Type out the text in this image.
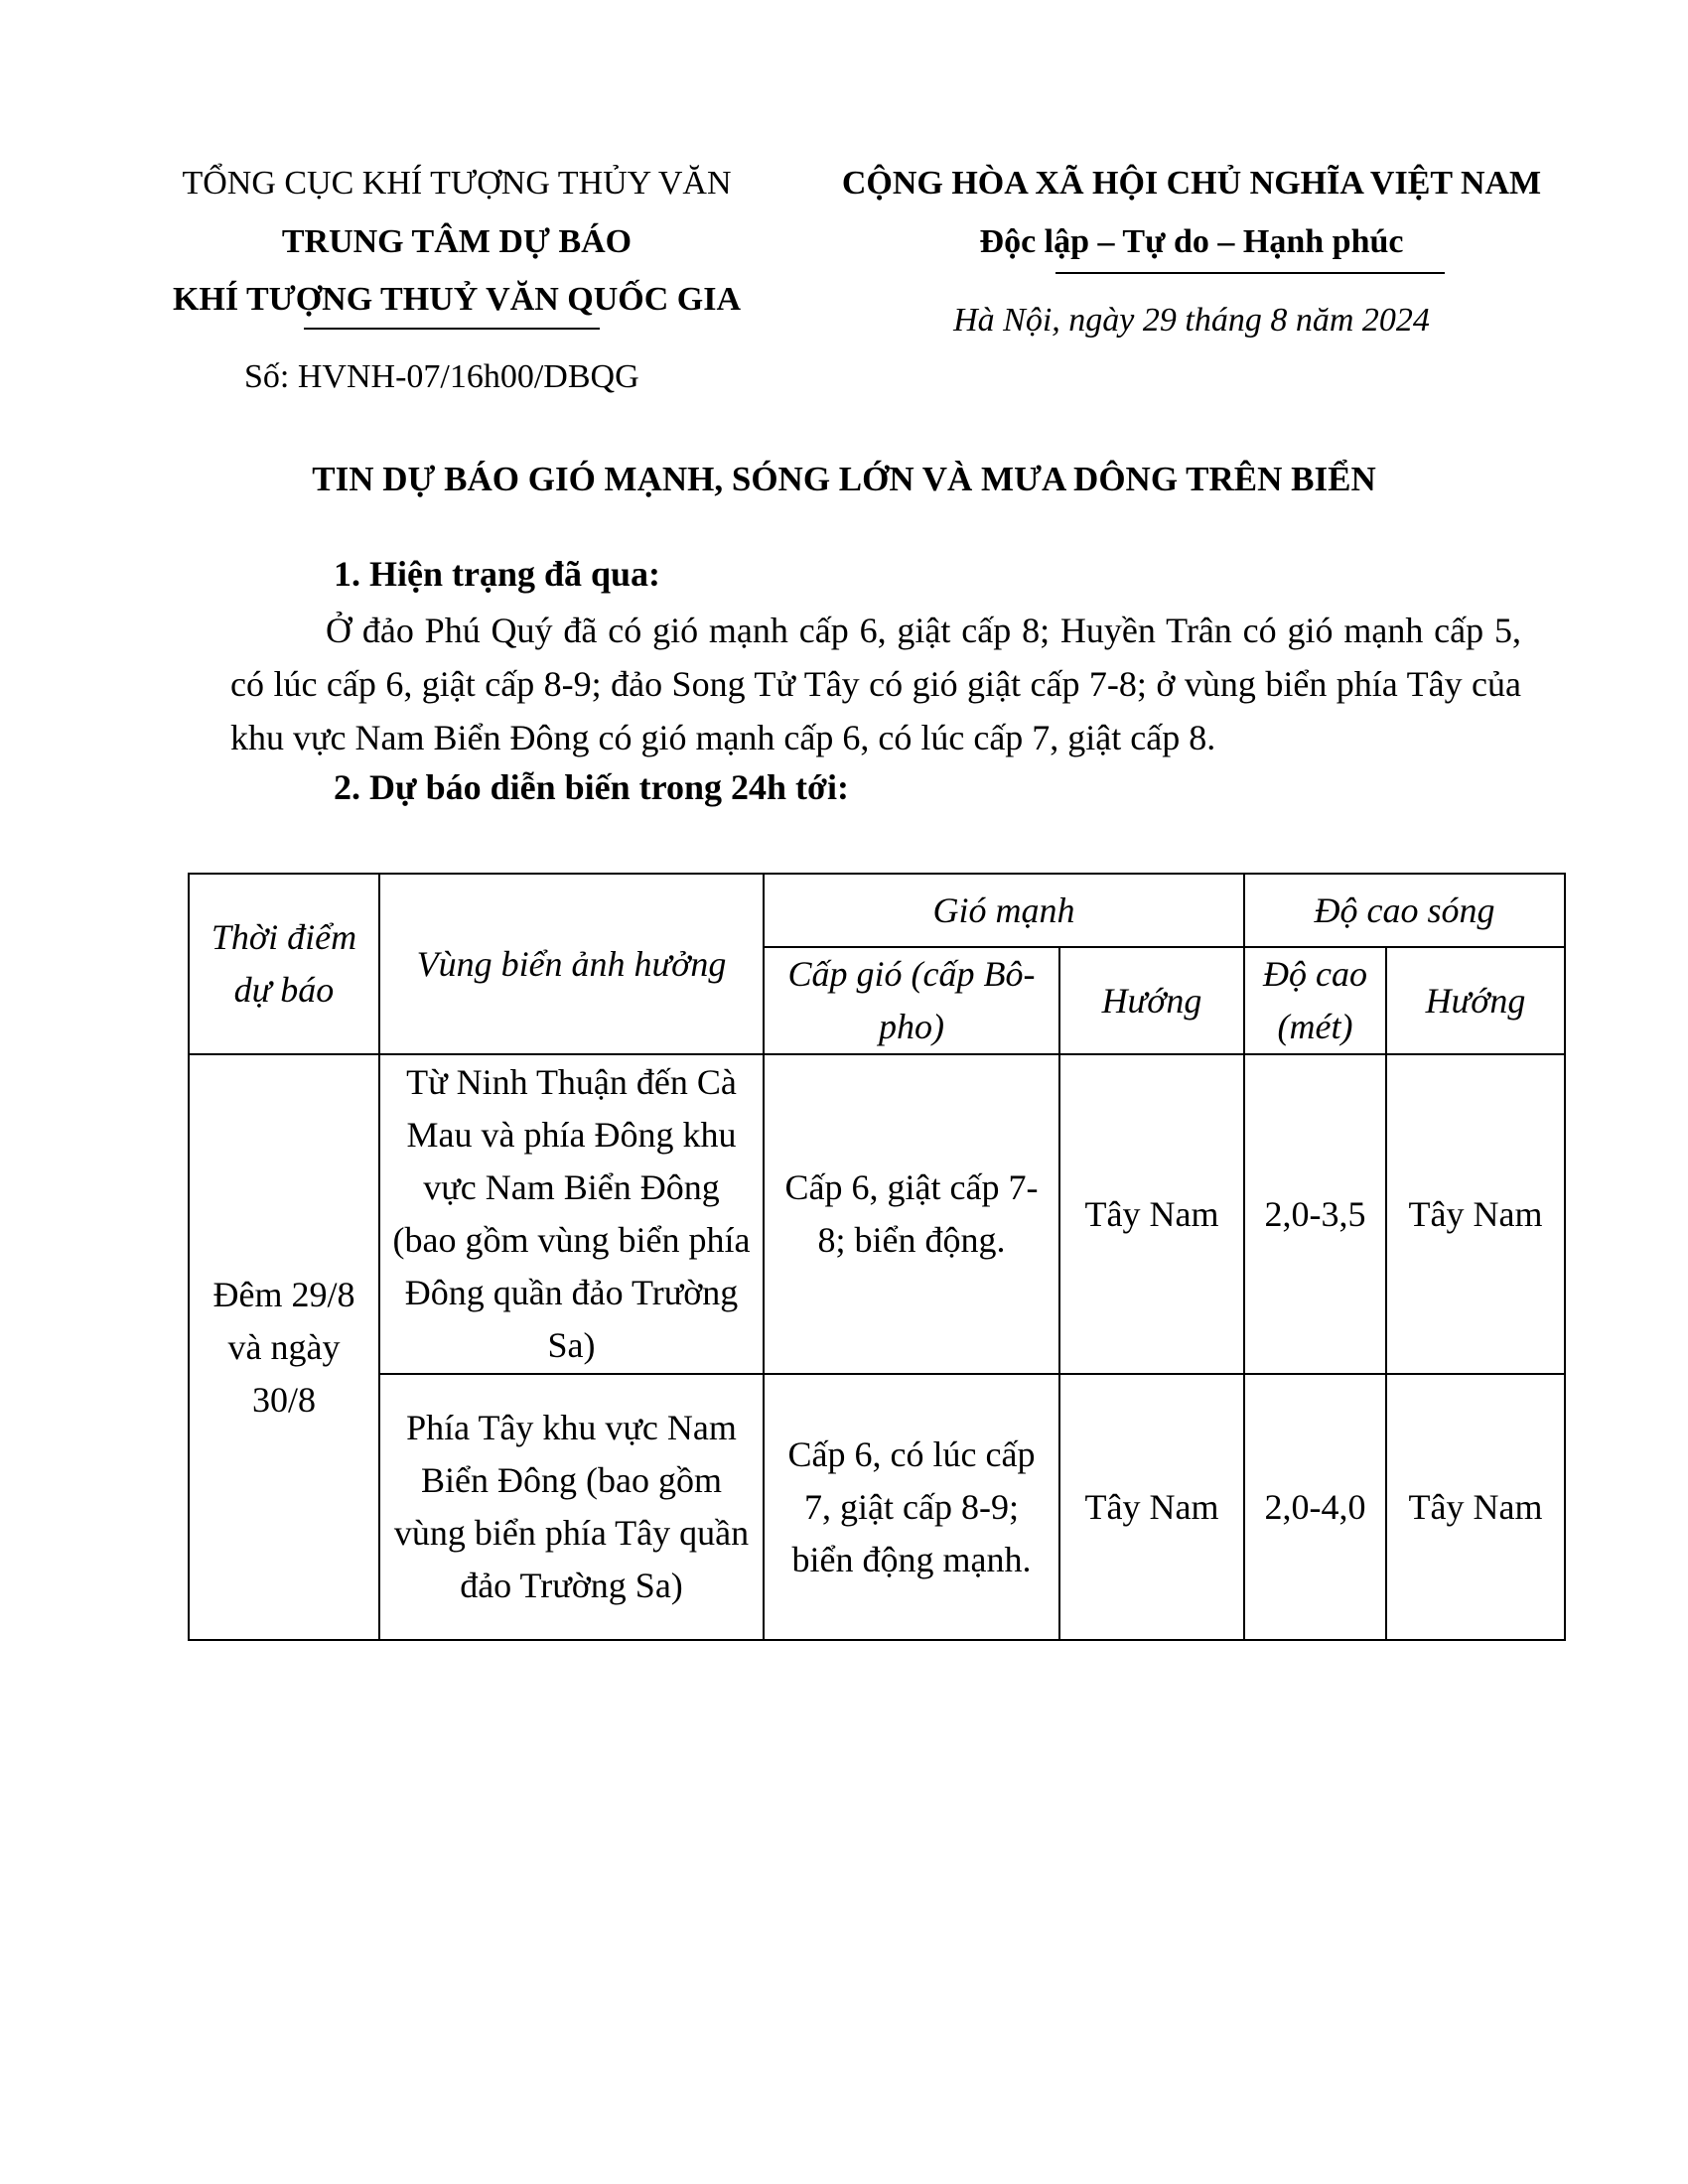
TỔNG CỤC KHÍ TƯỢNG THỦY VĂN
TRUNG TÂM DỰ BÁO
KHÍ TƯỢNG THUỶ VĂN QUỐC GIA
Số: HVNH-07/16h00/DBQG
CỘNG HÒA XÃ HỘI CHỦ NGHĨA VIỆT NAM
Độc lập – Tự do – Hạnh phúc
Hà Nội, ngày 29 tháng 8 năm 2024
TIN DỰ BÁO GIÓ MẠNH, SÓNG LỚN VÀ MƯA DÔNG TRÊN BIỂN
1. Hiện trạng đã qua:
Ở đảo Phú Quý đã có gió mạnh cấp 6, giật cấp 8; Huyền Trân có gió mạnh cấp 5, có lúc cấp 6, giật cấp 8-9; đảo Song Tử Tây có gió giật cấp 7-8; ở vùng biển phía Tây của khu vực Nam Biển Đông có gió mạnh cấp 6, có lúc cấp 7, giật cấp 8.
2. Dự báo diễn biến trong 24h tới:
Thời điểm dự báo	Vùng biển ảnh hưởng	Gió mạnh		Độ cao sóng	
		Cấp gió (cấp Bô-pho)	Hướng	Độ cao (mét)	Hướng
Đêm 29/8 và ngày 30/8	Từ Ninh Thuận đến Cà Mau và phía Đông khu vực Nam Biển Đông (bao gồm vùng biển phía Đông quần đảo Trường Sa)	Cấp 6, giật cấp 7-8; biển động.	Tây Nam	2,0-3,5	Tây Nam
	Phía Tây khu vực Nam Biển Đông (bao gồm vùng biển phía Tây quần đảo Trường Sa)	Cấp 6, có lúc cấp 7, giật cấp 8-9; biển động mạnh.	Tây Nam	2,0-4,0	Tây Nam
